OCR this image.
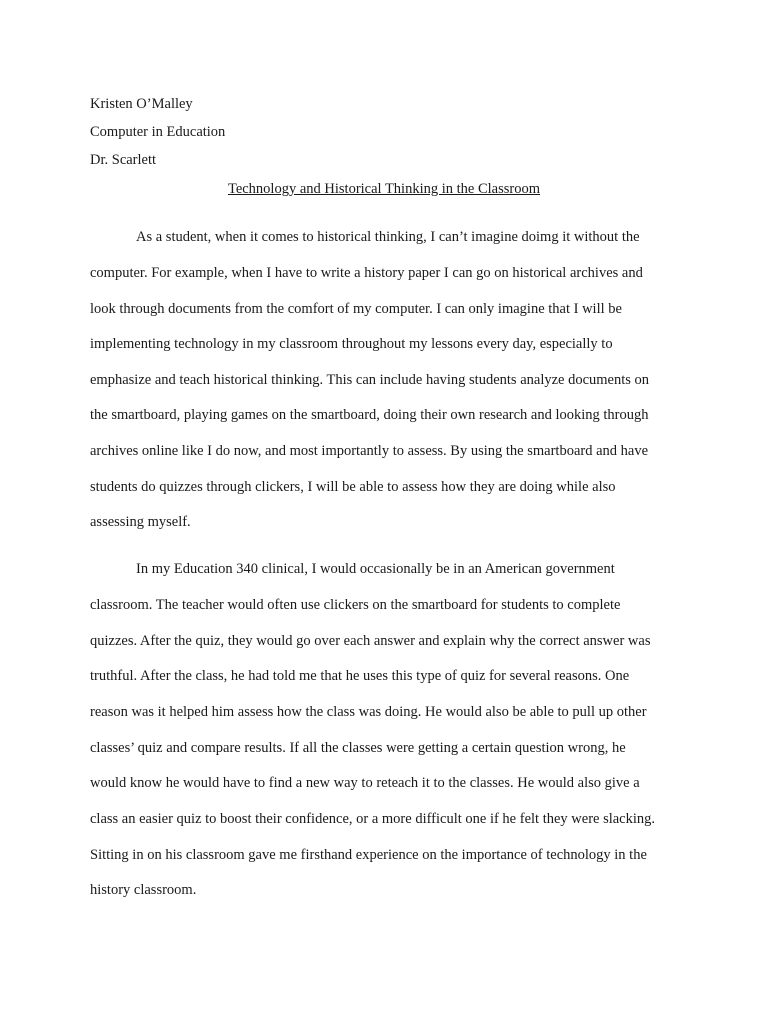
Kristen O’Malley
Computer in Education
Dr. Scarlett
Technology and Historical Thinking in the Classroom
As a student, when it comes to historical thinking, I can’t imagine doimg it without the
computer. For example, when I have to write a history paper I can go on historical archives and
look through documents from the comfort of my computer. I can only imagine that I will be
implementing technology in my classroom throughout my lessons every day, especially to
emphasize and teach historical thinking. This can include having students analyze documents on
the smartboard, playing games on the smartboard, doing their own research and looking through
archives online like I do now, and most importantly to assess. By using the smartboard and have
students do quizzes through clickers, I will be able to assess how they are doing while also
assessing myself.
In my Education 340 clinical, I would occasionally be in an American government
classroom. The teacher would often use clickers on the smartboard for students to complete
quizzes. After the quiz, they would go over each answer and explain why the correct answer was
truthful. After the class, he had told me that he uses this type of quiz for several reasons. One
reason was it helped him assess how the class was doing. He would also be able to pull up other
classes’ quiz and compare results. If all the classes were getting a certain question wrong, he
would know he would have to find a new way to reteach it to the classes. He would also give a
class an easier quiz to boost their confidence, or a more difficult one if he felt they were slacking.
Sitting in on his classroom gave me firsthand experience on the importance of technology in the
history classroom.
